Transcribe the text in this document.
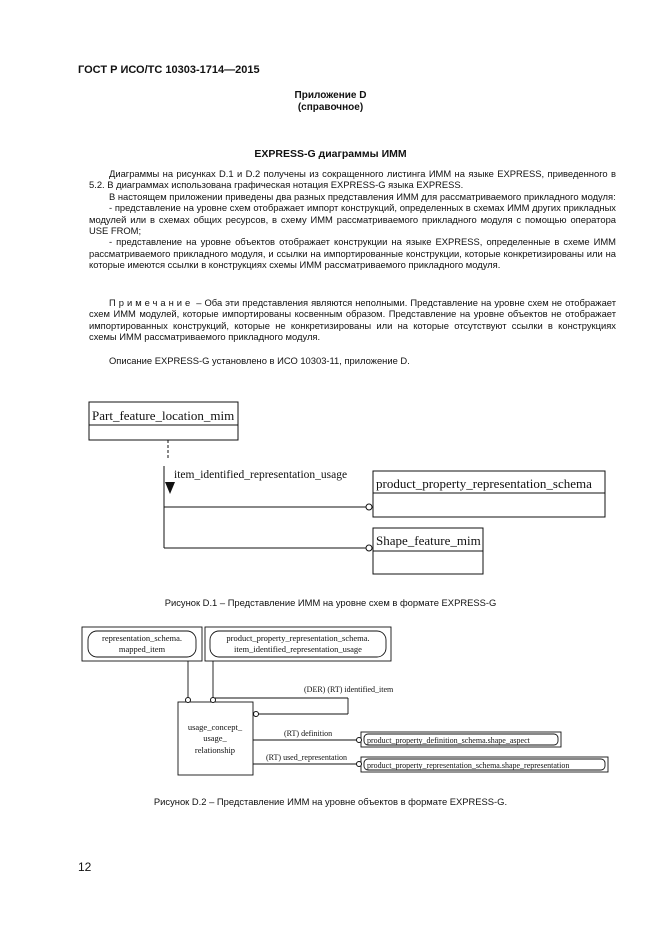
ГОСТ Р ИСО/ТС 10303-1714—2015
Приложение D
(справочное)
EXPRESS-G диаграммы ИММ

Диаграммы на рисунках D.1 и D.2 получены из сокращенного листинга ИММ на языке EXPRESS, приведенного в 5.2. В диаграммах использована графическая нотация EXPRESS-G языка EXPRESS.

В настоящем приложении приведены два разных представления ИММ для рассматриваемого прикладного модуля:

- представление на уровне схем отображает импорт конструкций, определенных в схемах ИММ других прикладных модулей или в схемах общих ресурсов, в схему ИММ рассматриваемого прикладного модуля с помощью оператора USE FROM;

- представление на уровне объектов отображает конструкции на языке EXPRESS, определенные в схеме ИММ рассматриваемого прикладного модуля, и ссылки на импортированные конструкции, которые конкретизированы или на которые имеются ссылки в конструкциях схемы ИММ рассматриваемого прикладного модуля.

Примечание – Оба эти представления являются неполными. Представление на уровне схем не отображает схем ИММ модулей, которые импортированы косвенным образом. Представление на уровне объектов не отображает импортированных конструкций, которые не конкретизированы или на которые отсутствуют ссылки в конструкциях схемы ИММ рассматриваемого прикладного модуля.

Описание EXPRESS-G установлено в ИСО 10303-11, приложение D.

Part_feature_location_mim
item_identified_representation_usage
product_property_representation_schema
Shape_feature_mim
Рисунок D.1 – Представление ИММ на уровне схем в формате EXPRESS-G
representation_schema.
mapped_item
product_property_representation_schema.
item_identified_representation_usage
usage_concept_
usage_
relationship
(DER) (RT) identified_item
(RT) definition
(RT) used_representation
product_property_definition_schema.shape_aspect
product_property_representation_schema.shape_representation
Рисунок D.2 – Представление ИММ на уровне объектов в формате EXPRESS-G.
12
